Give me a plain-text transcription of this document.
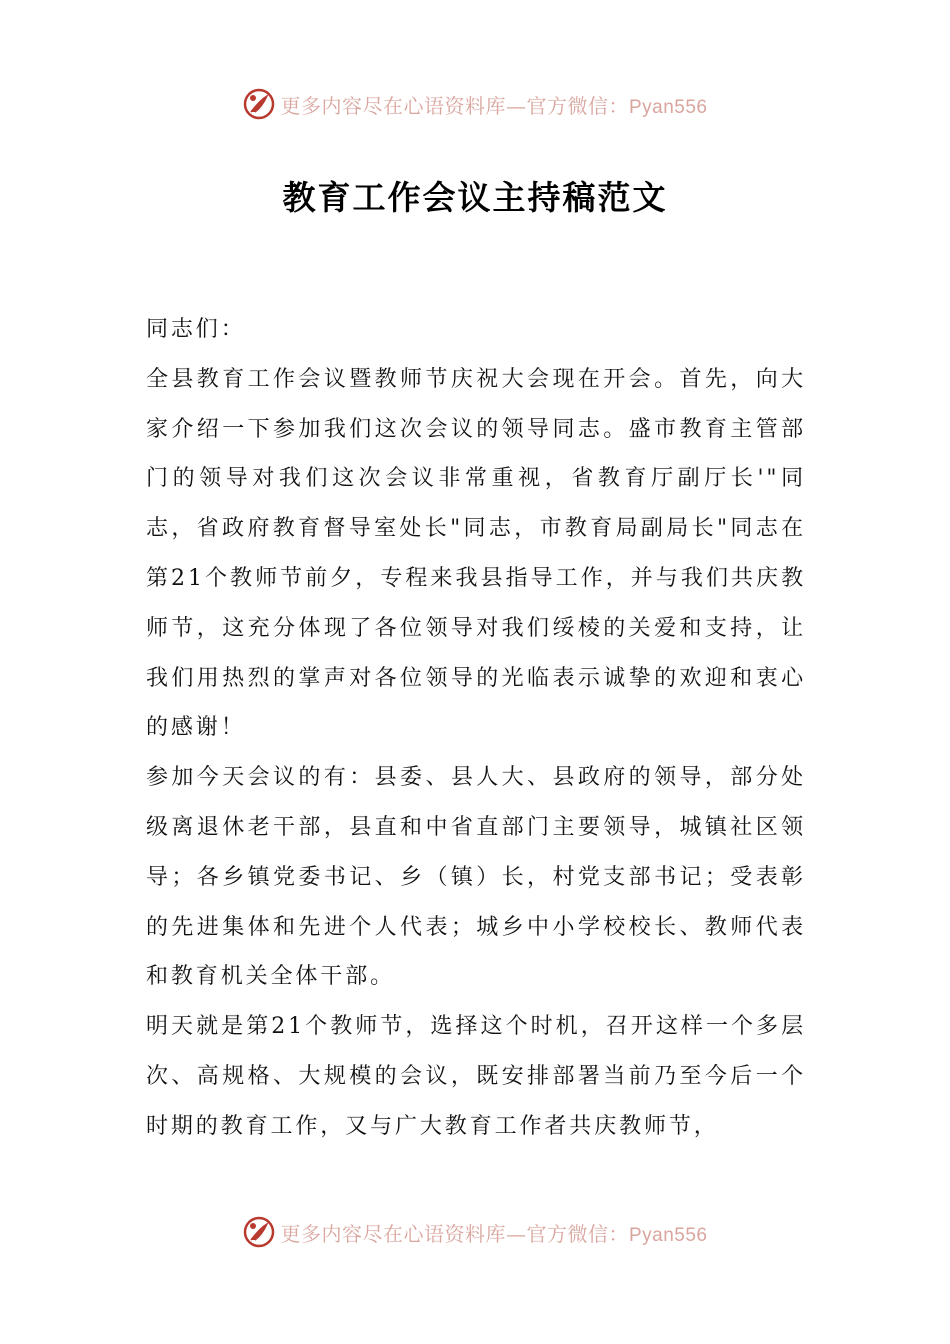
更多内容尽在心语资料库—官方微信：Pyan556
教育工作会议主持稿范文

同志们：

全县教育工作会议暨教师节庆祝大会现在开会。首先，向大家介绍一下参加我们这次会议的领导同志。盛市教育主管部门的领导对我们这次会议非常重视，省教育厅副厅长'"同志，省政府教育督导室处长"同志，市教育局副局长"同志在第21个教师节前夕，专程来我县指导工作，并与我们共庆教师节，这充分体现了各位领导对我们绥棱的关爱和支持，让我们用热烈的掌声对各位领导的光临表示诚挚的欢迎和衷心的感谢！

参加今天会议的有：县委、县人大、县政府的领导，部分处级离退休老干部，县直和中省直部门主要领导，城镇社区领导；各乡镇党委书记、乡（镇）长，村党支部书记；受表彰的先进集体和先进个人代表；城乡中小学校校长、教师代表和教育机关全体干部。

明天就是第21个教师节，选择这个时机，召开这样一个多层次、高规格、大规模的会议，既安排部署当前乃至今后一个时期的教育工作，又与广大教育工作者共庆教师节，

更多内容尽在心语资料库—官方微信：Pyan556
